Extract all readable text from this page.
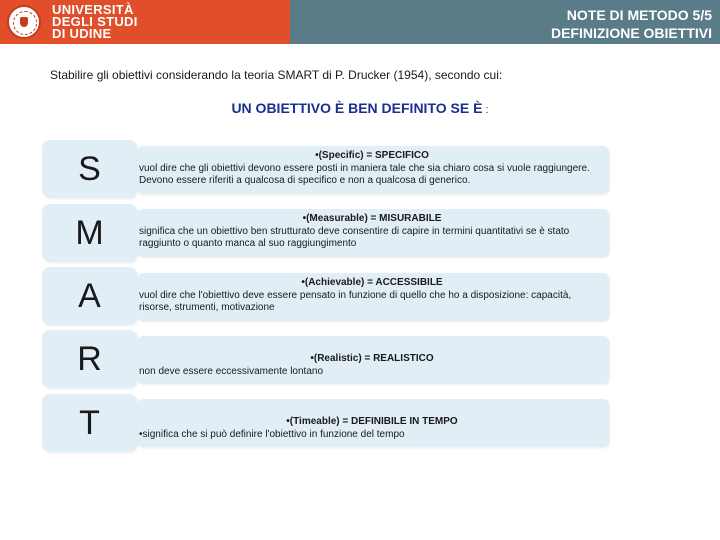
UNIVERSITÀ
DEGLI STUDI
DI UDINE
NOTE DI METODO 5/5
DEFINIZIONE OBIETTIVI
Stabilire gli obiettivi considerando la teoria SMART di P. Drucker (1954), secondo cui:
UN OBIETTIVO È BEN DEFINITO SE È :
S	•(Specific) = SPECIFICO
vuol dire che gli obiettivi devono essere posti in maniera tale che sia chiaro cosa si vuole raggiungere. Devono essere riferiti a qualcosa di specifico e non a qualcosa di generico.
M	•(Measurable) = MISURABILE
significa che un obiettivo ben strutturato deve consentire di capire in termini quantitativi se è stato raggiunto o quanto manca al suo raggiungimento
A	•(Achievable) = ACCESSIBILE
vuol dire che l'obiettivo deve essere pensato in funzione di quello che ho a disposizione: capacità, risorse, strumenti, motivazione
R	•(Realistic) = REALISTICO
non deve essere eccessivamente lontano
T	•(Timeable) = DEFINIBILE IN TEMPO
•significa che si può definire l'obiettivo in funzione del tempo
